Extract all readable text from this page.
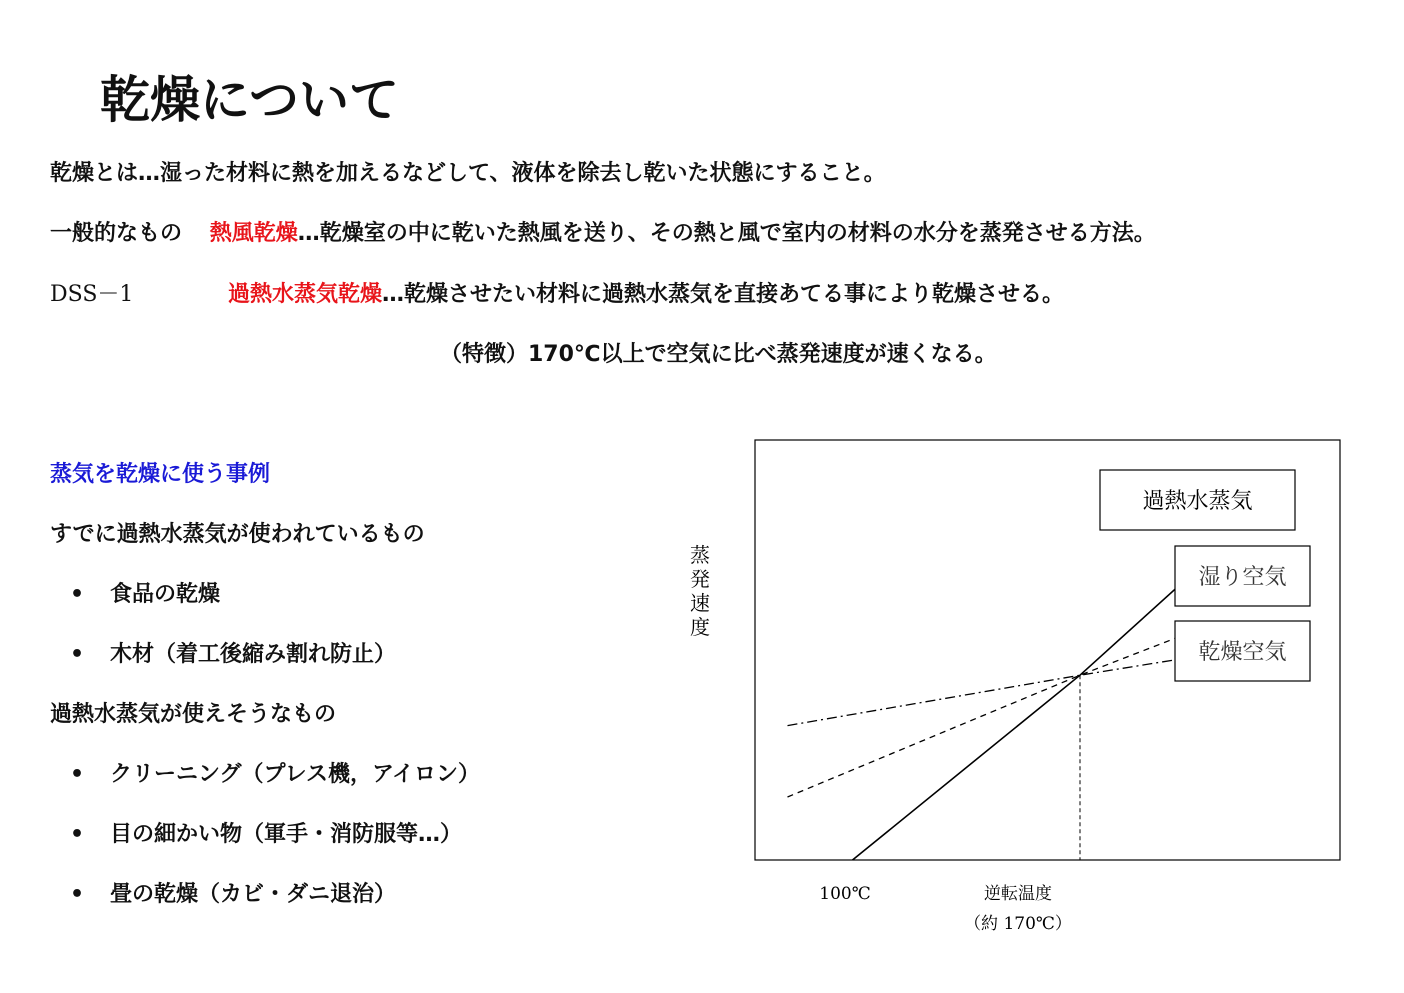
乾燥について
乾燥とは…湿った材料に熱を加えるなどして、液体を除去し乾いた状態にすること。
一般的なもの 熱風乾燥…乾燥室の中に乾いた熱風を送り、その熱と風で室内の材料の水分を蒸発させる方法。
DSS－1	過熱水蒸気乾燥…乾燥させたい材料に過熱水蒸気を直接あてる事により乾燥させる。
（特徴）170℃以上で空気に比べ蒸発速度が速くなる。
蒸気を乾燥に使う事例
すでに過熱水蒸気が使われているもの
• 食品の乾燥
• 木材（着工後縮み割れ防止）
過熱水蒸気が使えそうなもの
• クリーニング（プレス機，アイロン）
• 目の細かい物（軍手・消防服等…）
• 畳の乾燥（カビ・ダニ退治）
蒸発速度
過熱水蒸気
湿り空気
乾燥空気
100℃	逆転温度
（約 170℃）
